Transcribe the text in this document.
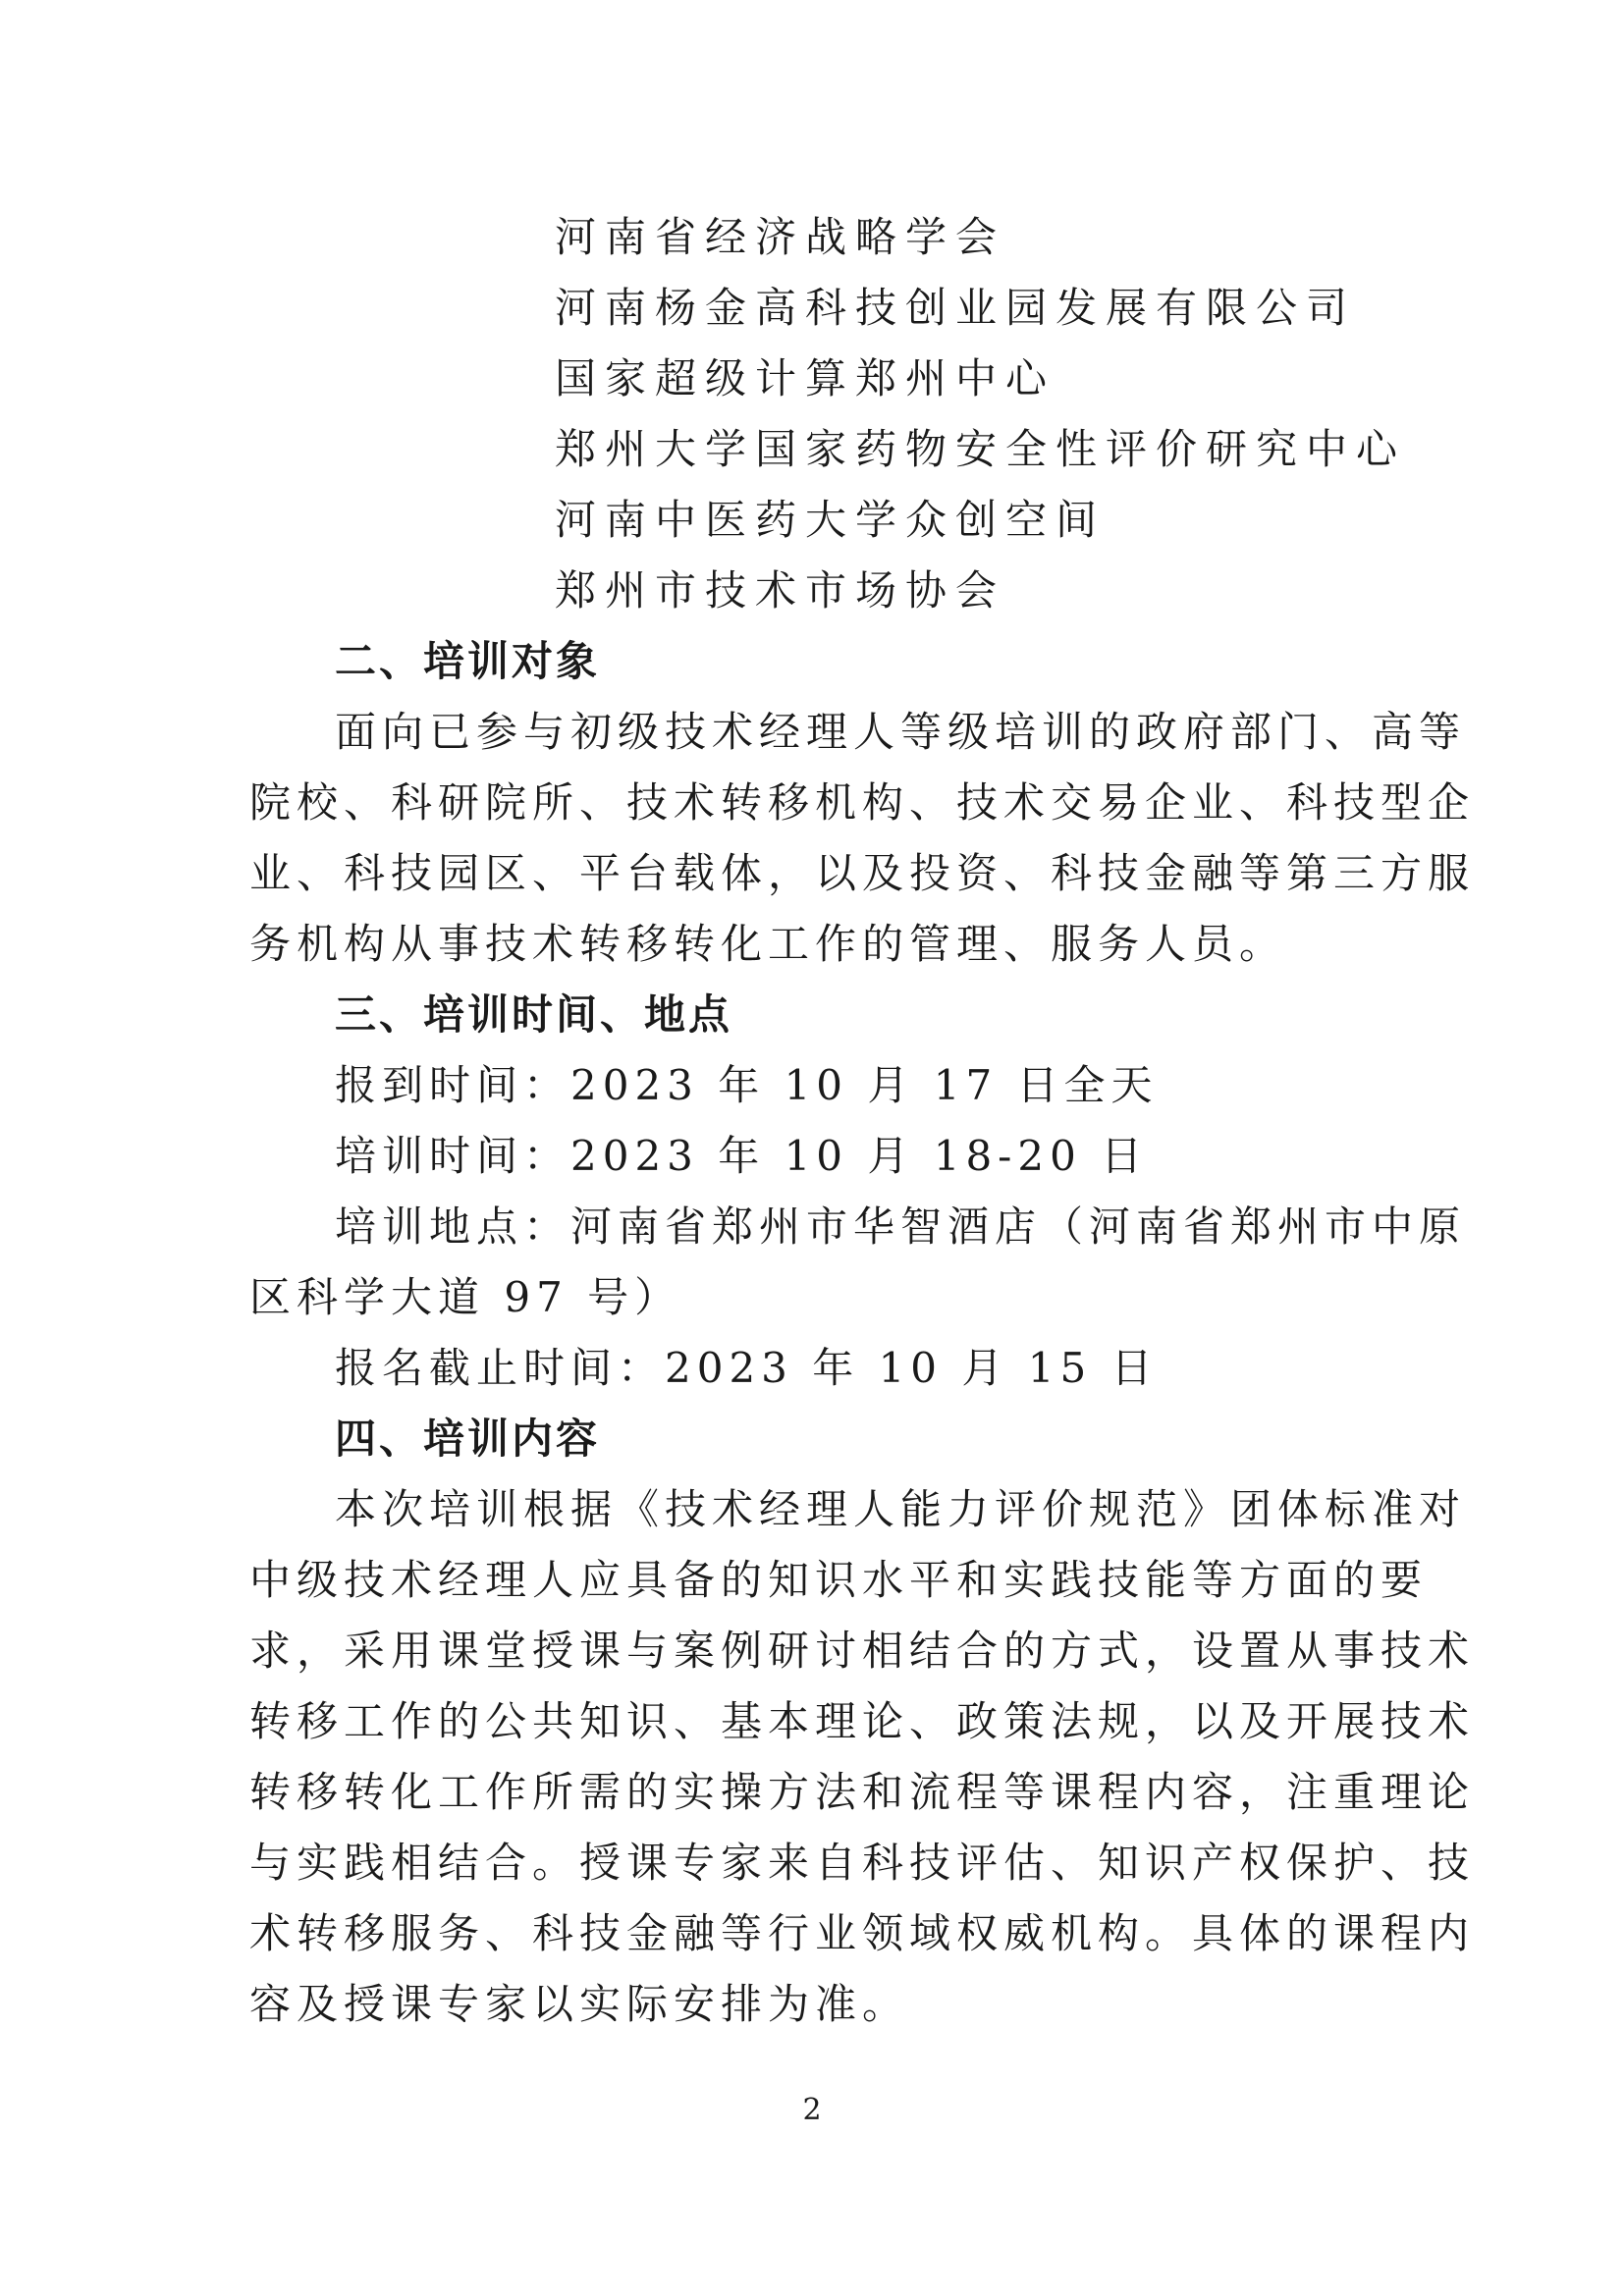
河南省经济战略学会
河南杨金高科技创业园发展有限公司
国家超级计算郑州中心
郑州大学国家药物安全性评价研究中心
河南中医药大学众创空间
郑州市技术市场协会
二、培训对象
面向已参与初级技术经理人等级培训的政府部门、高等
院校、科研院所、技术转移机构、技术交易企业、科技型企
业、科技园区、平台载体，以及投资、科技金融等第三方服
务机构从事技术转移转化工作的管理、服务人员。
三、培训时间、地点
报到时间：2023 年 10 月 17 日全天
培训时间：2023 年 10 月 18-20 日
培训地点：河南省郑州市华智酒店（河南省郑州市中原
区科学大道 97 号）
报名截止时间：2023 年 10 月 15 日
四、培训内容
本次培训根据《技术经理人能力评价规范》团体标准对
中级技术经理人应具备的知识水平和实践技能等方面的要
求，采用课堂授课与案例研讨相结合的方式，设置从事技术
转移工作的公共知识、基本理论、政策法规，以及开展技术
转移转化工作所需的实操方法和流程等课程内容，注重理论
与实践相结合。授课专家来自科技评估、知识产权保护、技
术转移服务、科技金融等行业领域权威机构。具体的课程内
容及授课专家以实际安排为准。
2
